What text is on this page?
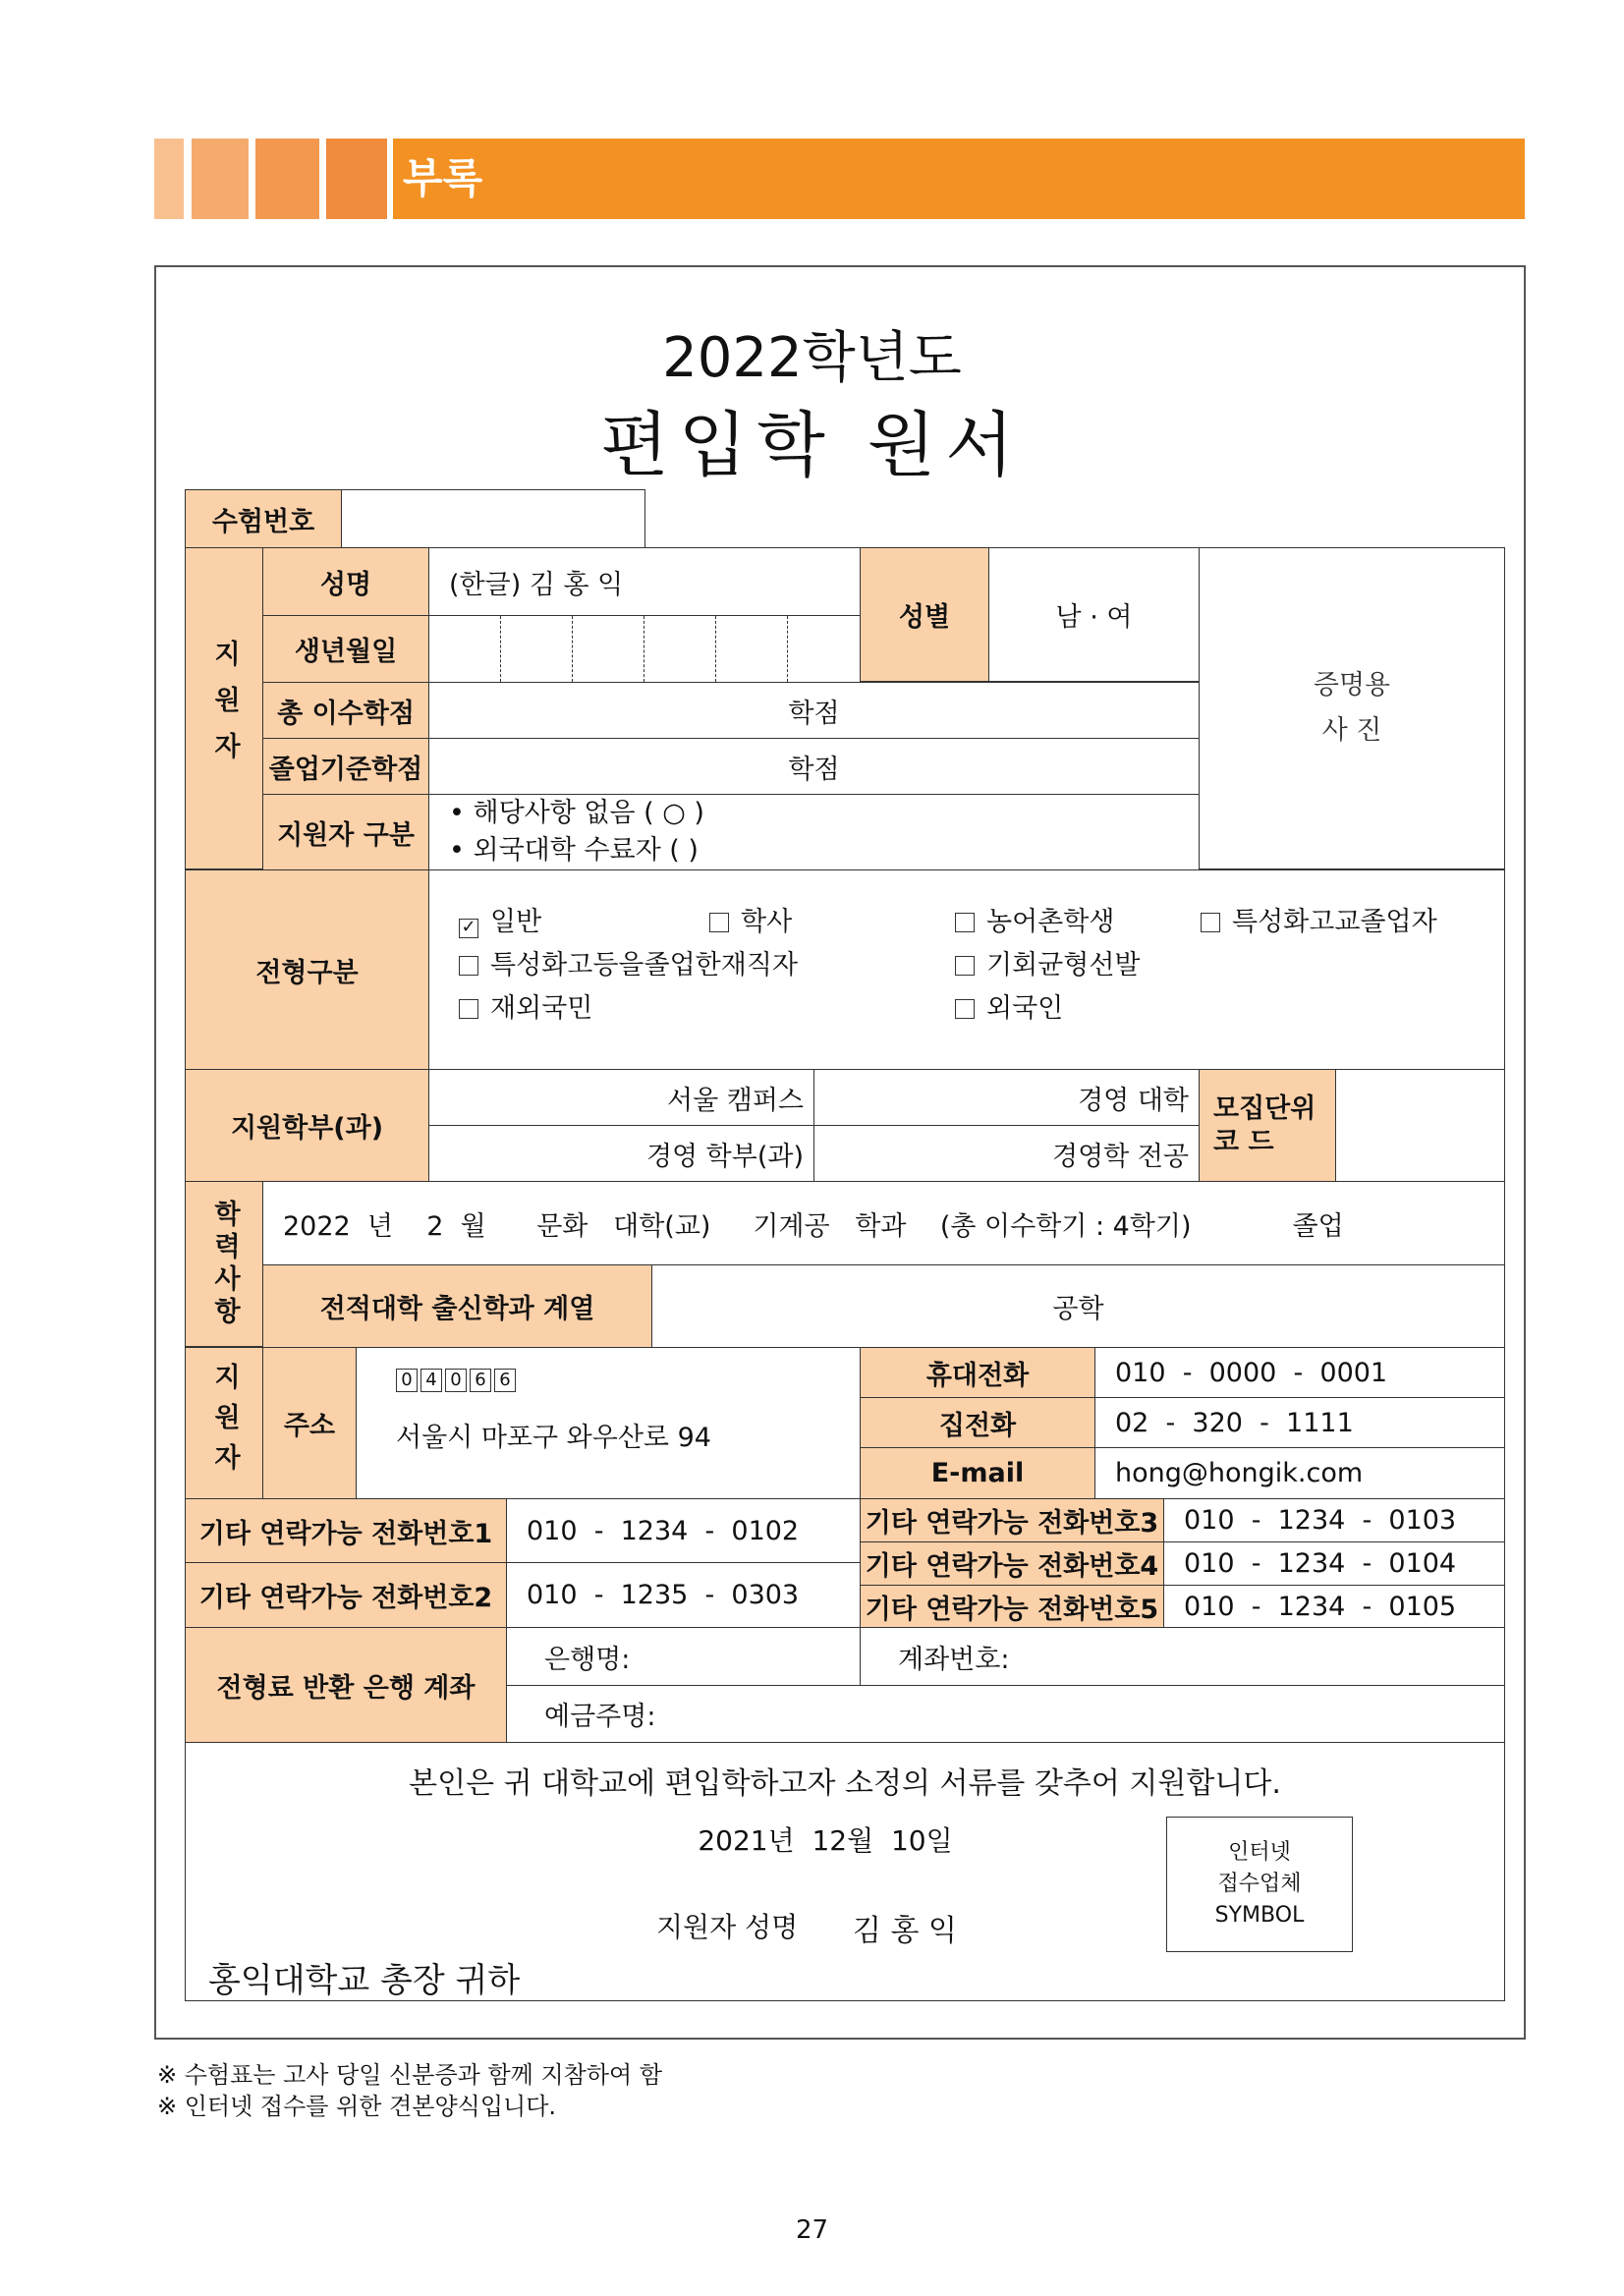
부록
2022학년도
편입학 원서
수험번호
지원자
성명	(한글) 김 홍 익
성별	남 · 여
증명용
사 진
생년월일
총 이수학점	학점
졸업기준학점	학점
지원자 구분
• 해당사항 없음 ( ○ )
• 외국대학 수료자 ( )
전형구분
✓ 일반	학사	농어촌학생	특성화고교졸업자
특성화고등을졸업한재직자	기회균형선발
재외국민	외국인
지원학부(과)
서울 캠퍼스	경영 대학
경영 학부(과)	경영학 전공
모집단위 코 드
학력사항	2022  년    2  월      문화   대학(교)     기계공   학과    (총 이수학기 : 4학기)            졸업
전적대학 출신학과 계열	공학
지원자	주소
0 4 0 6 6
서울시 마포구 와우산로 94
휴대전화	010  -  0000  -  0001
집전화	02  -  320  -  1111
E-mail	hong@hongik.com
기타 연락가능 전화번호1	010  -  1234  -  0102
기타 연락가능 전화번호2	010  -  1235  -  0303
기타 연락가능 전화번호3 010  -  1234  -  0103
기타 연락가능 전화번호4 010  -  1234  -  0104
기타 연락가능 전화번호5 010  -  1234  -  0105
전형료 반환 은행 계좌
은행명:	계좌번호:
예금주명:
본인은 귀 대학교에 편입학하고자 소정의 서류를 갖추어 지원합니다.
2021년  12월  10일
지원자 성명 김 홍 익
홍익대학교 총장 귀하
인터넷
접수업체
SYMBOL
※ 수험표는 고사 당일 신분증과 함께 지참하여 함
※ 인터넷 접수를 위한 견본양식입니다.
27
